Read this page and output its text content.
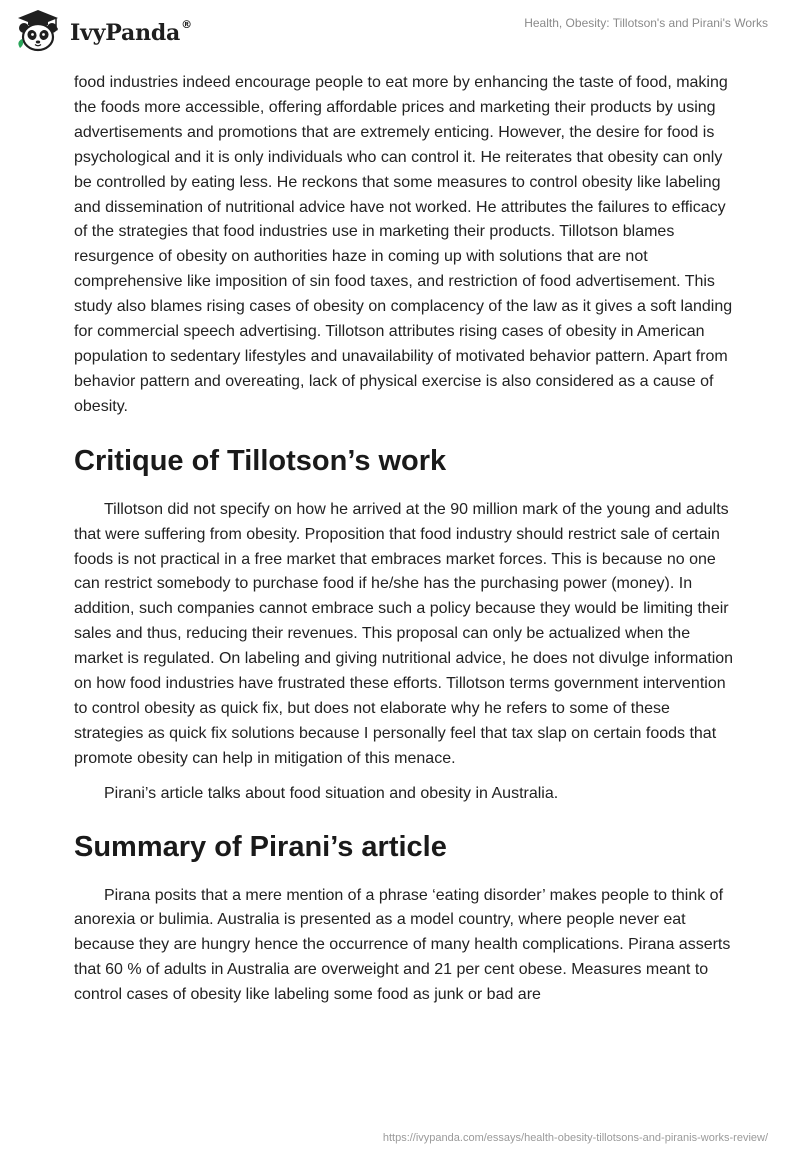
IvyPanda®	Health, Obesity: Tillotson's and Pirani's Works

food industries indeed encourage people to eat more by enhancing the taste of food, making the foods more accessible, offering affordable prices and marketing their products by using advertisements and promotions that are extremely enticing. However, the desire for food is psychological and it is only individuals who can control it. He reiterates that obesity can only be controlled by eating less. He reckons that some measures to control obesity like labeling and dissemination of nutritional advice have not worked. He attributes the failures to efficacy of the strategies that food industries use in marketing their products. Tillotson blames resurgence of obesity on authorities haze in coming up with solutions that are not comprehensive like imposition of sin food taxes, and restriction of food advertisement. This study also blames rising cases of obesity on complacency of the law as it gives a soft landing for commercial speech advertising. Tillotson attributes rising cases of obesity in American population to sedentary lifestyles and unavailability of motivated behavior pattern. Apart from behavior pattern and overeating, lack of physical exercise is also considered as a cause of obesity.

Critique of Tillotson’s work

Tillotson did not specify on how he arrived at the 90 million mark of the young and adults that were suffering from obesity. Proposition that food industry should restrict sale of certain foods is not practical in a free market that embraces market forces. This is because no one can restrict somebody to purchase food if he/she has the purchasing power (money). In addition, such companies cannot embrace such a policy because they would be limiting their sales and thus, reducing their revenues. This proposal can only be actualized when the market is regulated. On labeling and giving nutritional advice, he does not divulge information on how food industries have frustrated these efforts. Tillotson terms government intervention to control obesity as quick fix, but does not elaborate why he refers to some of these strategies as quick fix solutions because I personally feel that tax slap on certain foods that promote obesity can help in mitigation of this menace.

Pirani’s article talks about food situation and obesity in Australia.

Summary of Pirani’s article

Pirana posits that a mere mention of a phrase ‘eating disorder’ makes people to think of anorexia or bulimia. Australia is presented as a model country, where people never eat because they are hungry hence the occurrence of many health complications. Pirana asserts that 60 % of adults in Australia are overweight and 21 per cent obese. Measures meant to control cases of obesity like labeling some food as junk or bad are

https://ivypanda.com/essays/health-obesity-tillotsons-and-piranis-works-review/
